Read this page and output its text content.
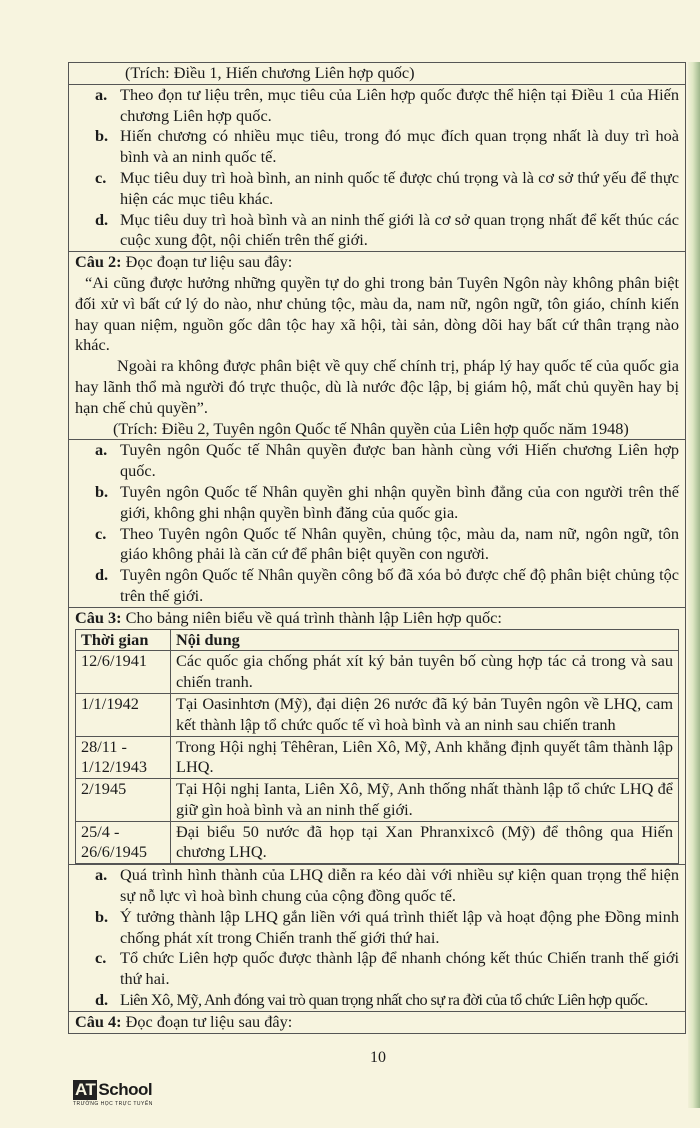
(Trích: Điều 1, Hiến chương Liên hợp quốc)
a. Theo đọn tư liệu trên, mục tiêu của Liên hợp quốc được thể hiện tại Điều 1 của Hiến chương Liên hợp quốc.
b. Hiến chương có nhiều mục tiêu, trong đó mục đích quan trọng nhất là duy trì hoà bình và an ninh quốc tế.
c. Mục tiêu duy trì hoà bình, an ninh quốc tế được chú trọng và là cơ sở thứ yếu để thực hiện các mục tiêu khác.
d. Mục tiêu duy trì hoà bình và an ninh thế giới là cơ sở quan trọng nhất để kết thúc các cuộc xung đột, nội chiến trên thế giới.
Câu 2: Đọc đoạn tư liệu sau đây:
“Ai cũng được hưởng những quyền tự do ghi trong bản Tuyên Ngôn này không phân biệt đối xử vì bất cứ lý do nào, như chủng tộc, màu da, nam nữ, ngôn ngữ, tôn giáo, chính kiến hay quan niệm, nguồn gốc dân tộc hay xã hội, tài sản, dòng dõi hay bất cứ thân trạng nào khác.
Ngoài ra không được phân biệt về quy chế chính trị, pháp lý hay quốc tế của quốc gia hay lãnh thổ mà người đó trực thuộc, dù là nước độc lập, bị giám hộ, mất chủ quyền hay bị hạn chế chủ quyền”.
(Trích: Điều 2, Tuyên ngôn Quốc tế Nhân quyền của Liên hợp quốc năm 1948)
a. Tuyên ngôn Quốc tế Nhân quyền được ban hành cùng với Hiến chương Liên hợp quốc.
b. Tuyên ngôn Quốc tế Nhân quyền ghi nhận quyền bình đẳng của con người trên thế giới, không ghi nhận quyền bình đăng của quốc gia.
c. Theo Tuyên ngôn Quốc tế Nhân quyền, chủng tộc, màu da, nam nữ, ngôn ngữ, tôn giáo không phải là căn cứ để phân biệt quyền con người.
d. Tuyên ngôn Quốc tế Nhân quyền công bố đã xóa bỏ được chế độ phân biệt chủng tộc trên thế giới.
Câu 3: Cho bảng niên biểu về quá trình thành lập Liên hợp quốc:
Thời gian	Nội dung
12/6/1941	Các quốc gia chống phát xít ký bản tuyên bố cùng hợp tác cả trong và sau chiến tranh.
1/1/1942	Tại Oasinhtơn (Mỹ), đại diện 26 nước đã ký bản Tuyên ngôn về LHQ, cam kết thành lập tổ chức quốc tế vì hoà bình và an ninh sau chiến tranh
28/11 - 1/12/1943	Trong Hội nghị Têhêran, Liên Xô, Mỹ, Anh khẳng định quyết tâm thành lập LHQ.
2/1945	Tại Hội nghị Ianta, Liên Xô, Mỹ, Anh thống nhất thành lập tổ chức LHQ để giữ gìn hoà bình và an ninh thế giới.
25/4 - 26/6/1945	Đại biểu 50 nước đã họp tại Xan Phranxixcô (Mỹ) để thông qua Hiến chương LHQ.
a. Quá trình hình thành của LHQ diễn ra kéo dài với nhiều sự kiện quan trọng thể hiện sự nỗ lực vì hoà bình chung của cộng đồng quốc tế.
b. Ý tưởng thành lập LHQ gắn liền với quá trình thiết lập và hoạt động phe Đồng minh chống phát xít trong Chiến tranh thế giới thứ hai.
c. Tổ chức Liên hợp quốc được thành lập để nhanh chóng kết thúc Chiến tranh thế giới thứ hai.
d. Liên Xô, Mỹ, Anh đóng vai trò quan trọng nhất cho sự ra đời của tổ chức Liên hợp quốc.
Câu 4: Đọc đoạn tư liệu sau đây:
10
AT School
TRƯỜNG HỌC TRỰC TUYẾN
